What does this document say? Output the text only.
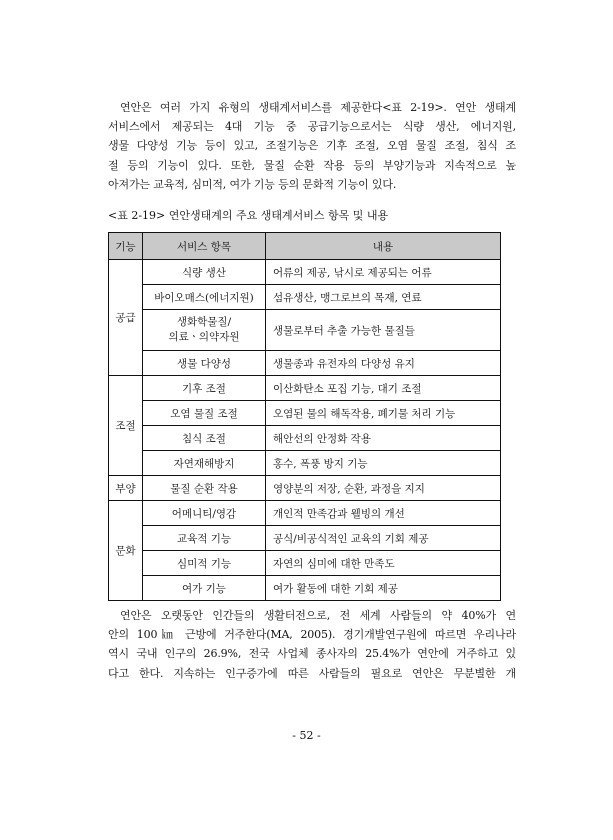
연안은 여러 가지 유형의 생태계서비스를 제공한다<표 2-19>. 연안 생태계
서비스에서 제공되는 4대 기능 중 공급기능으로서는 식량 생산, 에너지원,
생물 다양성 기능 등이 있고, 조절기능은 기후 조절, 오염 물질 조절, 침식 조
절 등의 기능이 있다. 또한, 물질 순환 작용 등의 부양기능과 지속적으로 높
아져가는 교육적, 심미적, 여가 기능 등의 문화적 기능이 있다.
<표 2-19> 연안생태계의 주요 생태계서비스 항목 및 내용
기능	서비스 항목	내용
공급	식량 생산	어류의 제공, 낚시로 제공되는 어류
	바이오매스(에너지원)	섬유생산, 맹그로브의 목재, 연료

	생화학물질/
의료ㆍ의약자원	생물로부터 추출 가능한 물질들
	생물 다양성	생물종과 유전자의 다양성 유지
조절	기후 조절	이산화탄소 포집 기능, 대기 조절
	오염 물질 조절	오염된 물의 해독작용, 폐기물 처리 기능
	침식 조절	해안선의 안정화 작용
	자연재해방지	홍수, 폭풍 방지 기능
부양	물질 순환 작용	영양분의 저장, 순환, 과정을 지지
문화	어메니티/영감	개인적 만족감과 웰빙의 개선
	교육적 기능	공식/비공식적인 교육의 기회 제공
	심미적 기능	자연의 심미에 대한 만족도
	여가 기능	여가 활동에 대한 기회 제공
연안은 오랫동안 인간들의 생활터전으로, 전 세계 사람들의 약 40%가 연
안의 100㎞ 근방에 거주한다(MA, 2005). 경기개발연구원에 따르면 우리나라
역시 국내 인구의 26.9%, 전국 사업체 종사자의 25.4%가 연안에 거주하고 있
다고 한다. 지속하는 인구증가에 따른 사람들의 필요로 연안은 무분별한 개
- 52 -
